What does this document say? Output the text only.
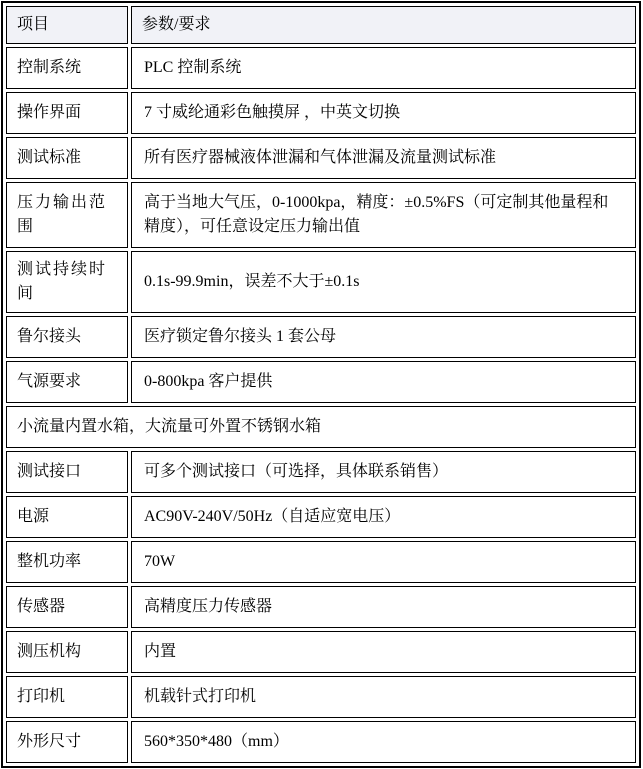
项目	参数/要求
控制系统	PLC 控制系统
操作界面	7 寸威纶通彩色触摸屏 ，中英文切换
测试标准	所有医疗器械液体泄漏和气体泄漏及流量测试标准
压力输出范围	高于当地大气压，0-1000kpa，精度：±0.5%FS（可定制其他量程和精度），可任意设定压力输出值
测试持续时间	0.1s-99.9min，误差不大于±0.1s
鲁尔接头	医疗锁定鲁尔接头 1 套公母
气源要求	0-800kpa 客户提供
小流量内置水箱，大流量可外置不锈钢水箱	
测试接口	可多个测试接口（可选择，具体联系销售）
电源	AC90V-240V/50Hz（自适应宽电压）
整机功率	70W
传感器	高精度压力传感器
测压机构	内置
打印机	机载针式打印机
外形尺寸	560*350*480（mm）
